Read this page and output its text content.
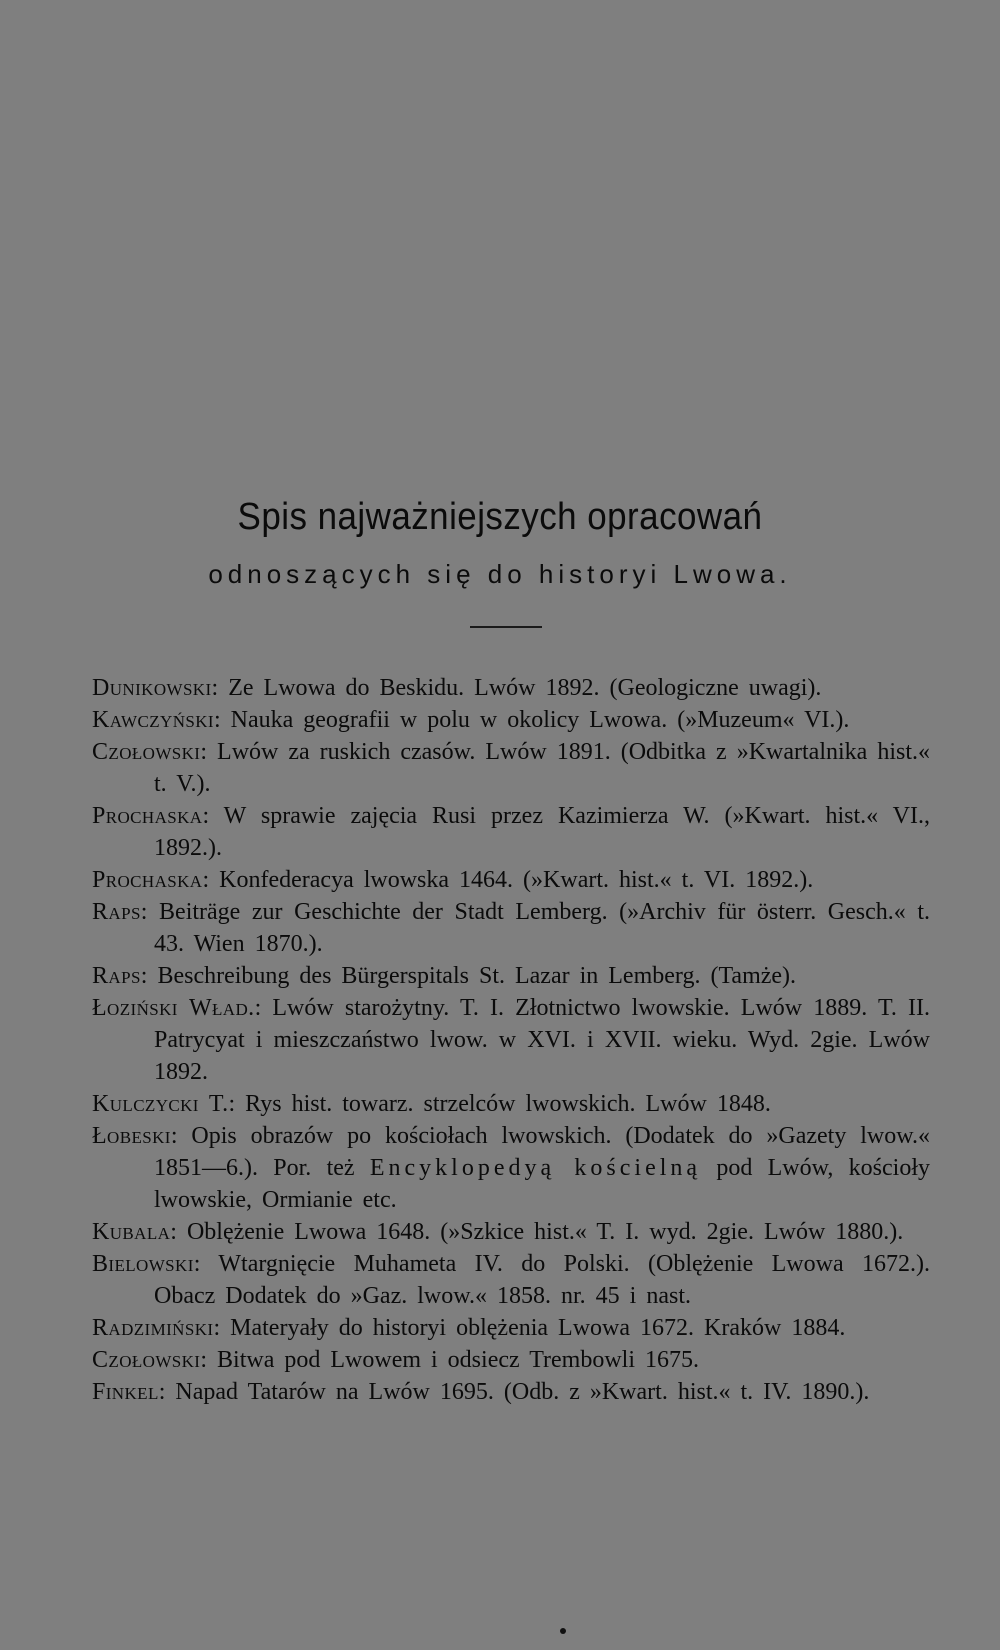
Spis najważniejszych opracowań
odnoszących się do historyi Lwowa.
Dunikowski: Ze Lwowa do Beskidu. Lwów 1892. (Geologiczne uwagi).
Kawczyński: Nauka geografii w polu w okolicy Lwowa. (»Muzeum« VI.).
Czołowski: Lwów za ruskich czasów. Lwów 1891. (Odbitka z »Kwartalnika hist.« t. V.).
Prochaska: W sprawie zajęcia Rusi przez Kazimierza W. (»Kwart. hist.« VI., 1892.).
Prochaska: Konfederacya lwowska 1464. (»Kwart. hist.« t. VI. 1892.).
Raps: Beiträge zur Geschichte der Stadt Lemberg. (»Archiv für österr. Gesch.« t. 43. Wien 1870.).
Raps: Beschreibung des Bürgerspitals St. Lazar in Lemberg. (Tamże).
Łoziński Wład.: Lwów starożytny. T. I. Złotnictwo lwowskie. Lwów 1889. T. II. Patrycyat i mieszczaństwo lwow. w XVI. i XVII. wieku. Wyd. 2gie. Lwów 1892.
Kulczycki T.: Rys hist. towarz. strzelców lwowskich. Lwów 1848.
Łobeski: Opis obrazów po kościołach lwowskich. (Dodatek do »Gazety lwow.« 1851—6.). Por. też Encyklopedyą kościelną pod Lwów, kościoły lwowskie, Ormianie etc.
Kubala: Oblężenie Lwowa 1648. (»Szkice hist.« T. I. wyd. 2gie. Lwów 1880.).
Bielowski: Wtargnięcie Muhameta IV. do Polski. (Oblężenie Lwowa 1672.). Obacz Dodatek do »Gaz. lwow.« 1858. nr. 45 i nast.
Radzimiński: Materyały do historyi oblężenia Lwowa 1672. Kraków 1884.
Czołowski: Bitwa pod Lwowem i odsiecz Trembowli 1675.
Finkel: Napad Tatarów na Lwów 1695. (Odb. z »Kwart. hist.« t. IV. 1890.).
